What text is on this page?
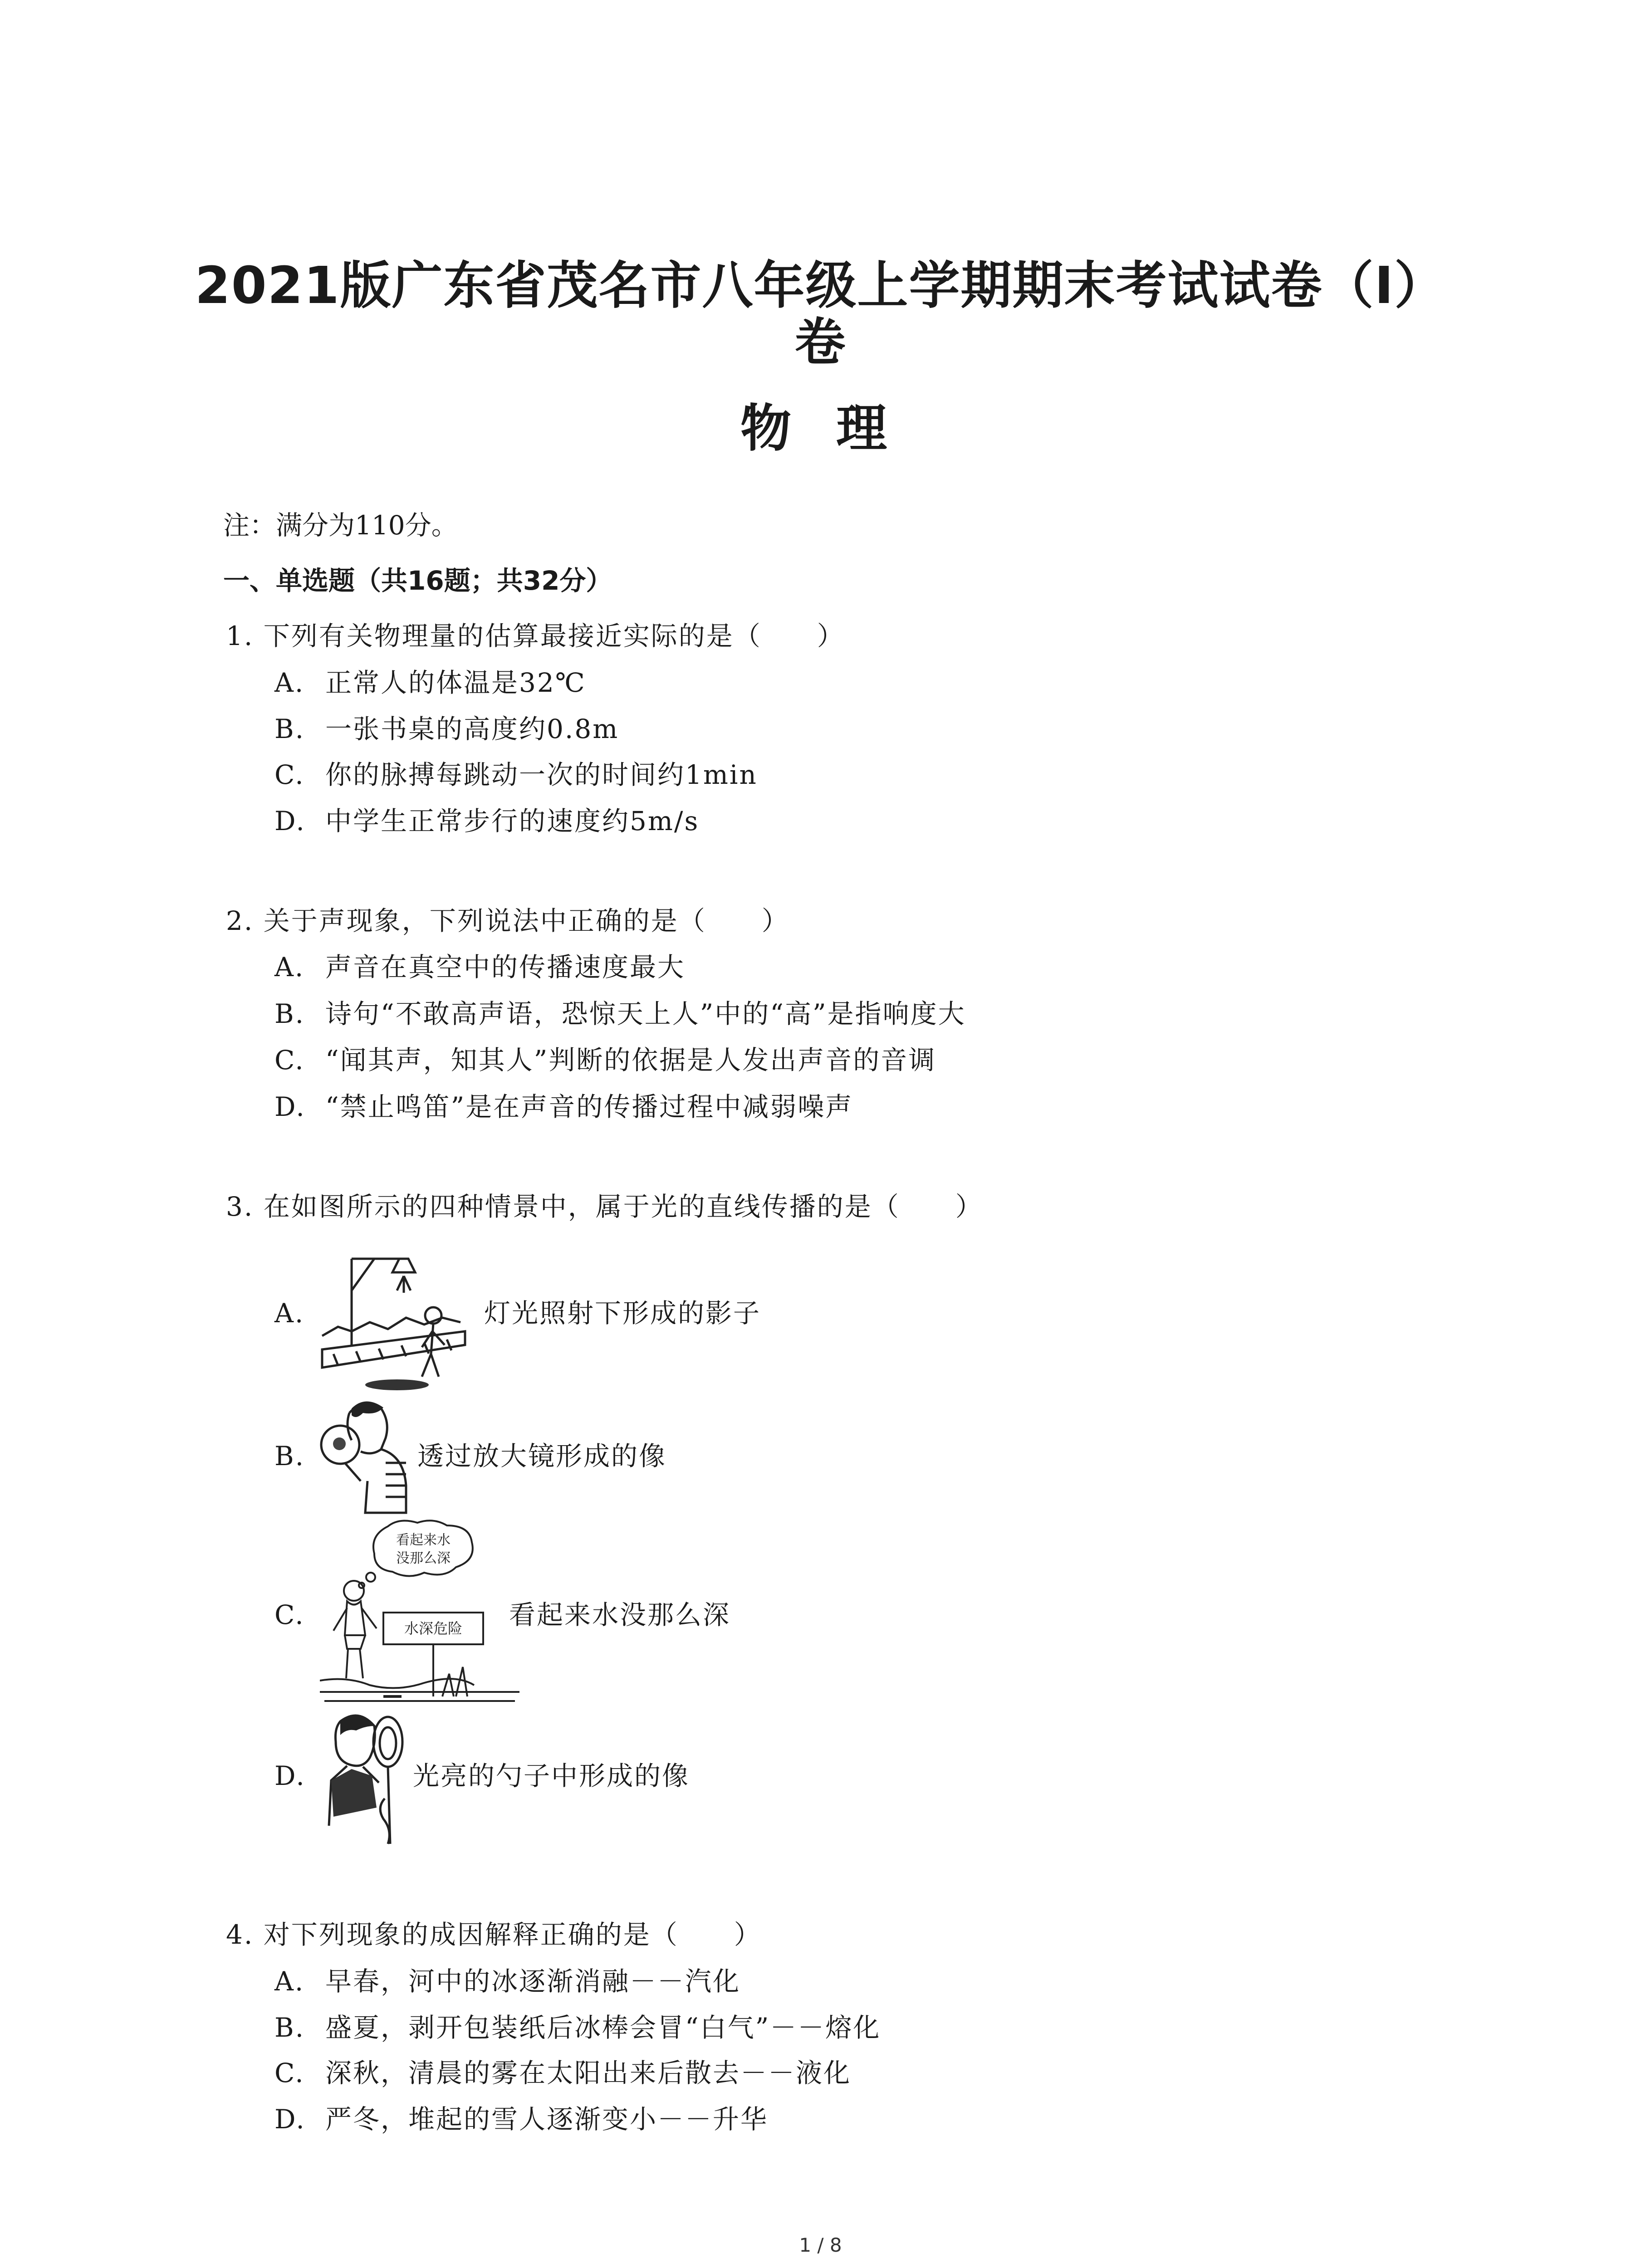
2021版广东省茂名市八年级上学期期末考试试卷（I）
卷
物 理
注：满分为110分。
一、单选题（共16题；共32分）
1. 下列有关物理量的估算最接近实际的是（　　）
A. 正常人的体温是32℃
B. 一张书桌的高度约0.8m
C. 你的脉搏每跳动一次的时间约1min
D. 中学生正常步行的速度约5m/s
2. 关于声现象，下列说法中正确的是（　　）
A. 声音在真空中的传播速度最大
B. 诗句“不敢高声语，恐惊天上人”中的“高”是指响度大
C. “闻其声，知其人”判断的依据是人发出声音的音调
D. “禁止鸣笛”是在声音的传播过程中减弱噪声
3. 在如图所示的四种情景中，属于光的直线传播的是（　　）
A.	灯光照射下形成的影子
B.	透过放大镜形成的像
C.
看起来水
没那么深
水深危险 看起来水没那么深
D.	光亮的勺子中形成的像
4. 对下列现象的成因解释正确的是（　　）
A. 早春，河中的冰逐渐消融－－汽化
B. 盛夏，剥开包装纸后冰棒会冒“白气”－－熔化
C. 深秋，清晨的雾在太阳出来后散去－－液化
D. 严冬，堆起的雪人逐渐变小－－升华
1 / 8
